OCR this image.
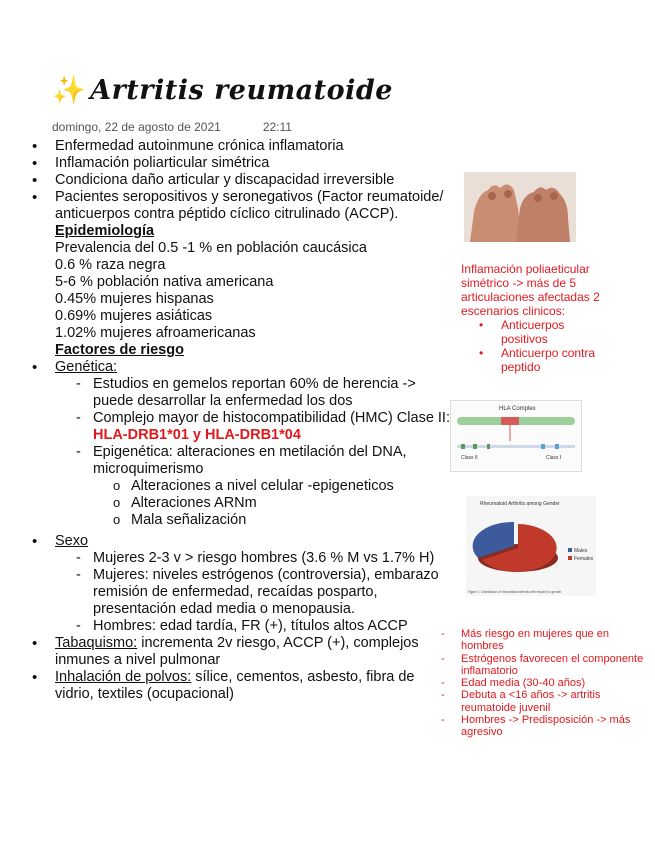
✨ Artritis reumatoide
domingo, 22 de agosto de 2021	22:11
• Enfermedad autoinmune crónica inflamatoria
• Inflamación poliarticular simétrica
• Condiciona daño articular y discapacidad irreversible
• Pacientes seropositivos y seronegativos (Factor reumatoide/ anticuerpos contra péptido cíclico citrulinado (ACCP).
Epidemiología
Prevalencia del 0.5 -1 % en población caucásica
0.6 % raza negra
5-6 % población nativa americana
0.45% mujeres hispanas
0.69% mujeres asiáticas
1.02% mujeres afroamericanas
Factores de riesgo
• Genética:
- Estudios en gemelos reportan 60% de herencia -> puede desarrollar la enfermedad los dos
- Complejo mayor de histocompatibilidad (HMC) Clase II: HLA-DRB1*01 y HLA-DRB1*04
- Epigenética: alteraciones en metilación del DNA, microquimerismo
o Alteraciones a nivel celular -epigeneticos
o Alteraciones ARNm
o Mala señalización
• Sexo
- Mujeres 2-3 v > riesgo hombres (3.6 % M vs 1.7% H)
- Mujeres: niveles estrógenos (controversia), embarazo remisión de enfermedad, recaídas posparto, presentación edad media o menopausia.
- Hombres: edad tardía, FR (+), títulos altos ACCP
• Tabaquismo: incrementa 2v riesgo, ACCP (+), complejos inmunes a nivel pulmonar
• Inhalación de polvos: sílice, cementos, asbesto, fibra de vidrio, textiles (ocupacional)
Inflamación poliaeticular simétrico -> más de 5 articulaciones afectadas 2 escenarios clinicos:
• Anticuerpos positivos
• Anticuerpo contra peptido
HLA Complex
Class II	Class I
Rheumatoid Arthritis among Gender
Males
Females
Figure 1: Distribution of rheumatoid arthritis with respect to gender.
- Más riesgo en mujeres que en hombres
- Estrógenos favorecen el componente inflamatorio
- Edad media (30-40 años)
- Debuta a <16 años -> artritis reumatoide juvenil
- Hombres -> Predisposición -> más agresivo
